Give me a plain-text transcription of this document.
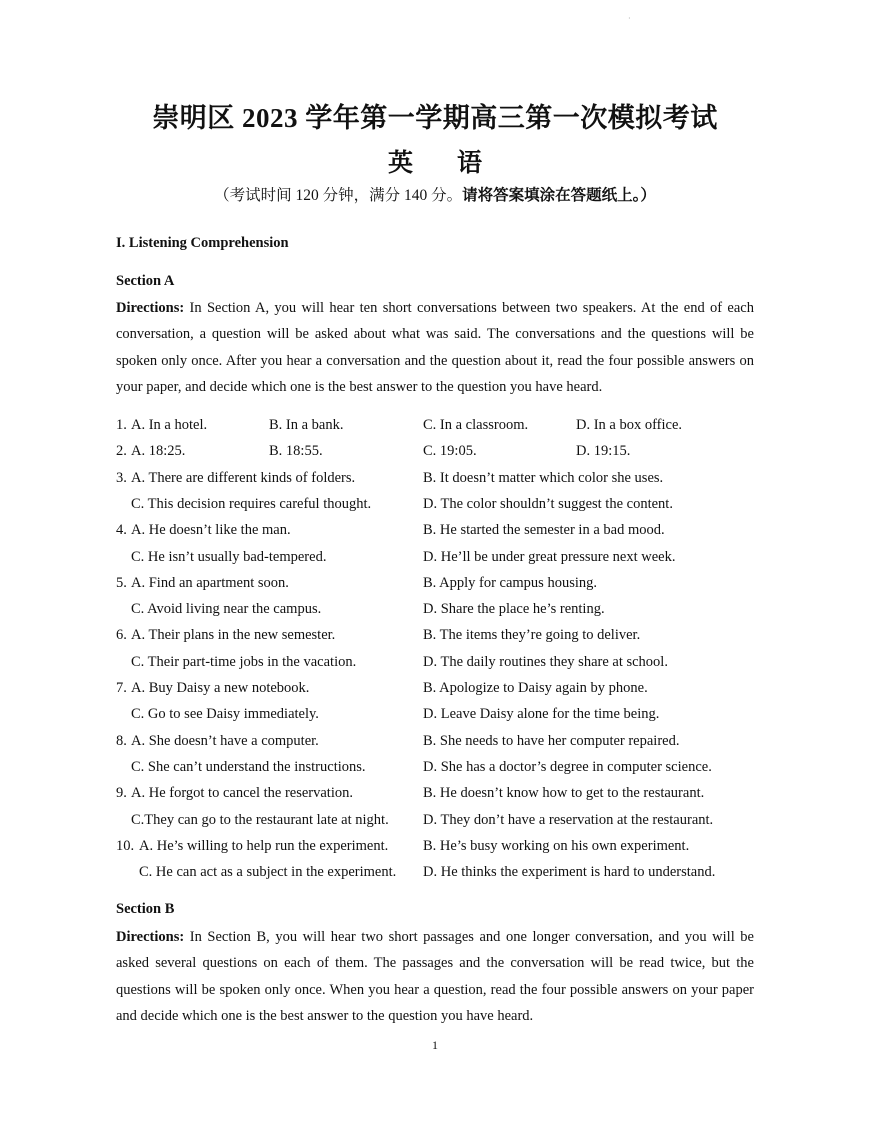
·
崇明区 2023 学年第一学期高三第一次模拟考试
英 语
（考试时间 120 分钟，满分 140 分。请将答案填涂在答题纸上。）
I. Listening Comprehension
Section A
Directions: In Section A, you will hear ten short conversations between two speakers. At the end of each conversation, a question will be asked about what was said. The conversations and the questions will be spoken only once. After you hear a conversation and the question about it, read the four possible answers on your paper, and decide which one is the best answer to the question you have heard.
1. A. In a hotel.	B. In a bank.	C. In a classroom.	D. In a box office.
2. A. 18:25.	B. 18:55.	C. 19:05.	D. 19:15.
3. A. There are different kinds of folders.	B. It doesn’t matter which color she uses.
C. This decision requires careful thought.	D. The color shouldn’t suggest the content.
4. A. He doesn’t like the man.	B. He started the semester in a bad mood.
C. He isn’t usually bad-tempered.	D. He’ll be under great pressure next week.
5. A. Find an apartment soon.	B. Apply for campus housing.
C. Avoid living near the campus.	D. Share the place he’s renting.
6. A. Their plans in the new semester.	B. The items they’re going to deliver.
C. Their part-time jobs in the vacation.	D. The daily routines they share at school.
7. A. Buy Daisy a new notebook.	B. Apologize to Daisy again by phone.
C. Go to see Daisy immediately.	D. Leave Daisy alone for the time being.
8. A. She doesn’t have a computer.	B. She needs to have her computer repaired.
C. She can’t understand the instructions.	D. She has a doctor’s degree in computer science.
9. A. He forgot to cancel the reservation.	B. He doesn’t know how to get to the restaurant.
C.They can go to the restaurant late at night. D. They don’t have a reservation at the restaurant.
10. A. He’s willing to help run the experiment. B. He’s busy working on his own experiment.
C. He can act as a subject in the experiment. D. He thinks the experiment is hard to understand.
Section B
Directions: In Section B, you will hear two short passages and one longer conversation, and you will be asked several questions on each of them. The passages and the conversation will be read twice, but the questions will be spoken only once. When you hear a question, read the four possible answers on your paper and decide which one is the best answer to the question you have heard.
1
